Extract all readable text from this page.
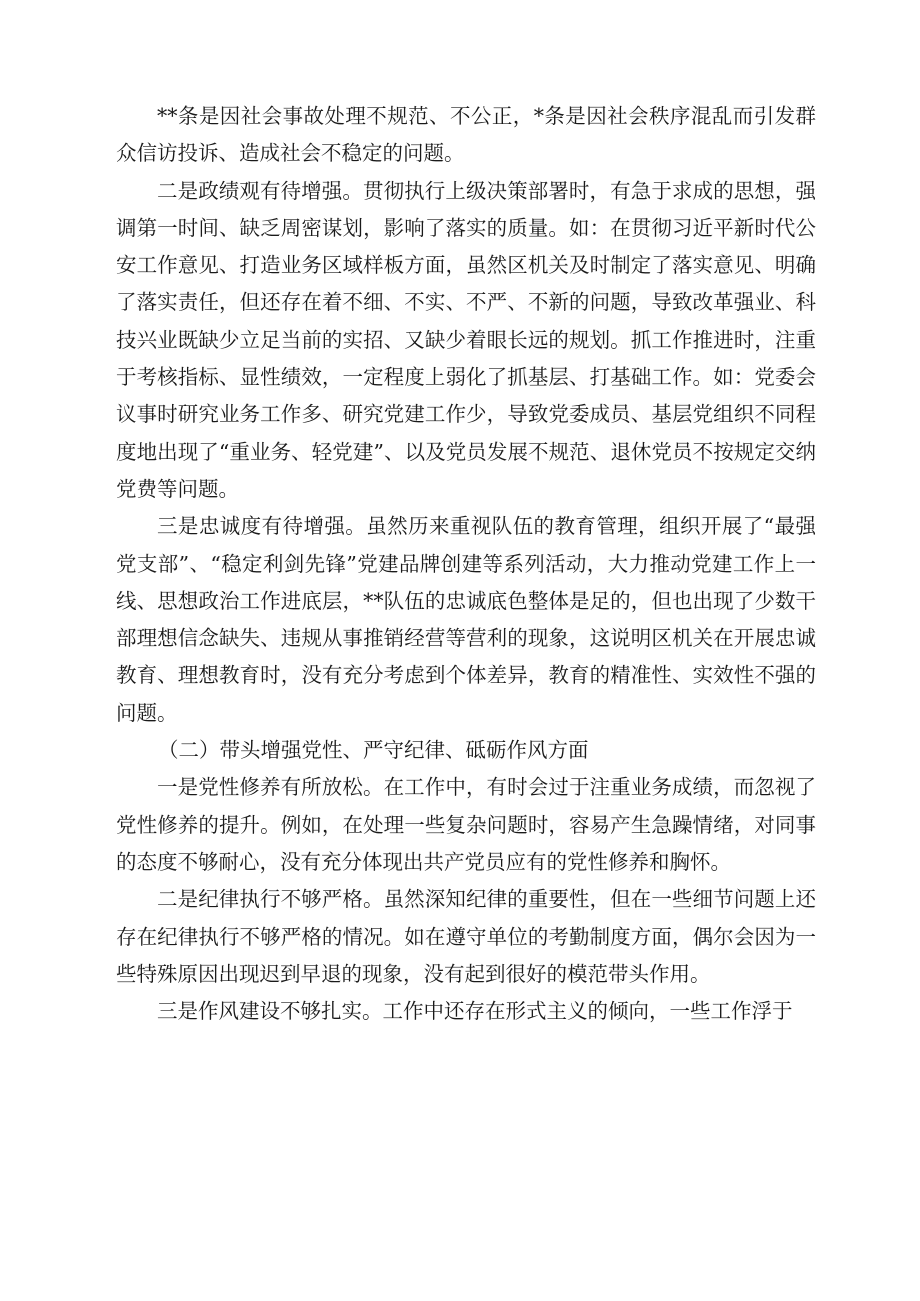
**条是因社会事故处理不规范、不公正，*条是因社会秩序混乱而引发群众信访投诉、造成社会不稳定的问题。

二是政绩观有待增强。贯彻执行上级决策部署时，有急于求成的思想，强调第一时间、缺乏周密谋划，影响了落实的质量。如：在贯彻习近平新时代公安工作意见、打造业务区域样板方面，虽然区机关及时制定了落实意见、明确了落实责任，但还存在着不细、不实、不严、不新的问题，导致改革强业、科技兴业既缺少立足当前的实招、又缺少着眼长远的规划。抓工作推进时，注重于考核指标、显性绩效，一定程度上弱化了抓基层、打基础工作。如：党委会议事时研究业务工作多、研究党建工作少，导致党委成员、基层党组织不同程度地出现了“重业务、轻党建”、以及党员发展不规范、退休党员不按规定交纳党费等问题。

三是忠诚度有待增强。虽然历来重视队伍的教育管理，组织开展了“最强党支部”、“稳定利剑先锋”党建品牌创建等系列活动，大力推动党建工作上一线、思想政治工作进底层，**队伍的忠诚底色整体是足的，但也出现了少数干部理想信念缺失、违规从事推销经营等营利的现象，这说明区机关在开展忠诚教育、理想教育时，没有充分考虑到个体差异，教育的精准性、实效性不强的问题。

（二）带头增强党性、严守纪律、砥砺作风方面

一是党性修养有所放松。在工作中，有时会过于注重业务成绩，而忽视了党性修养的提升。例如，在处理一些复杂问题时，容易产生急躁情绪，对同事的态度不够耐心，没有充分体现出共产党员应有的党性修养和胸怀。

二是纪律执行不够严格。虽然深知纪律的重要性，但在一些细节问题上还存在纪律执行不够严格的情况。如在遵守单位的考勤制度方面，偶尔会因为一些特殊原因出现迟到早退的现象，没有起到很好的模范带头作用。

三是作风建设不够扎实。工作中还存在形式主义的倾向，一些工作浮于
